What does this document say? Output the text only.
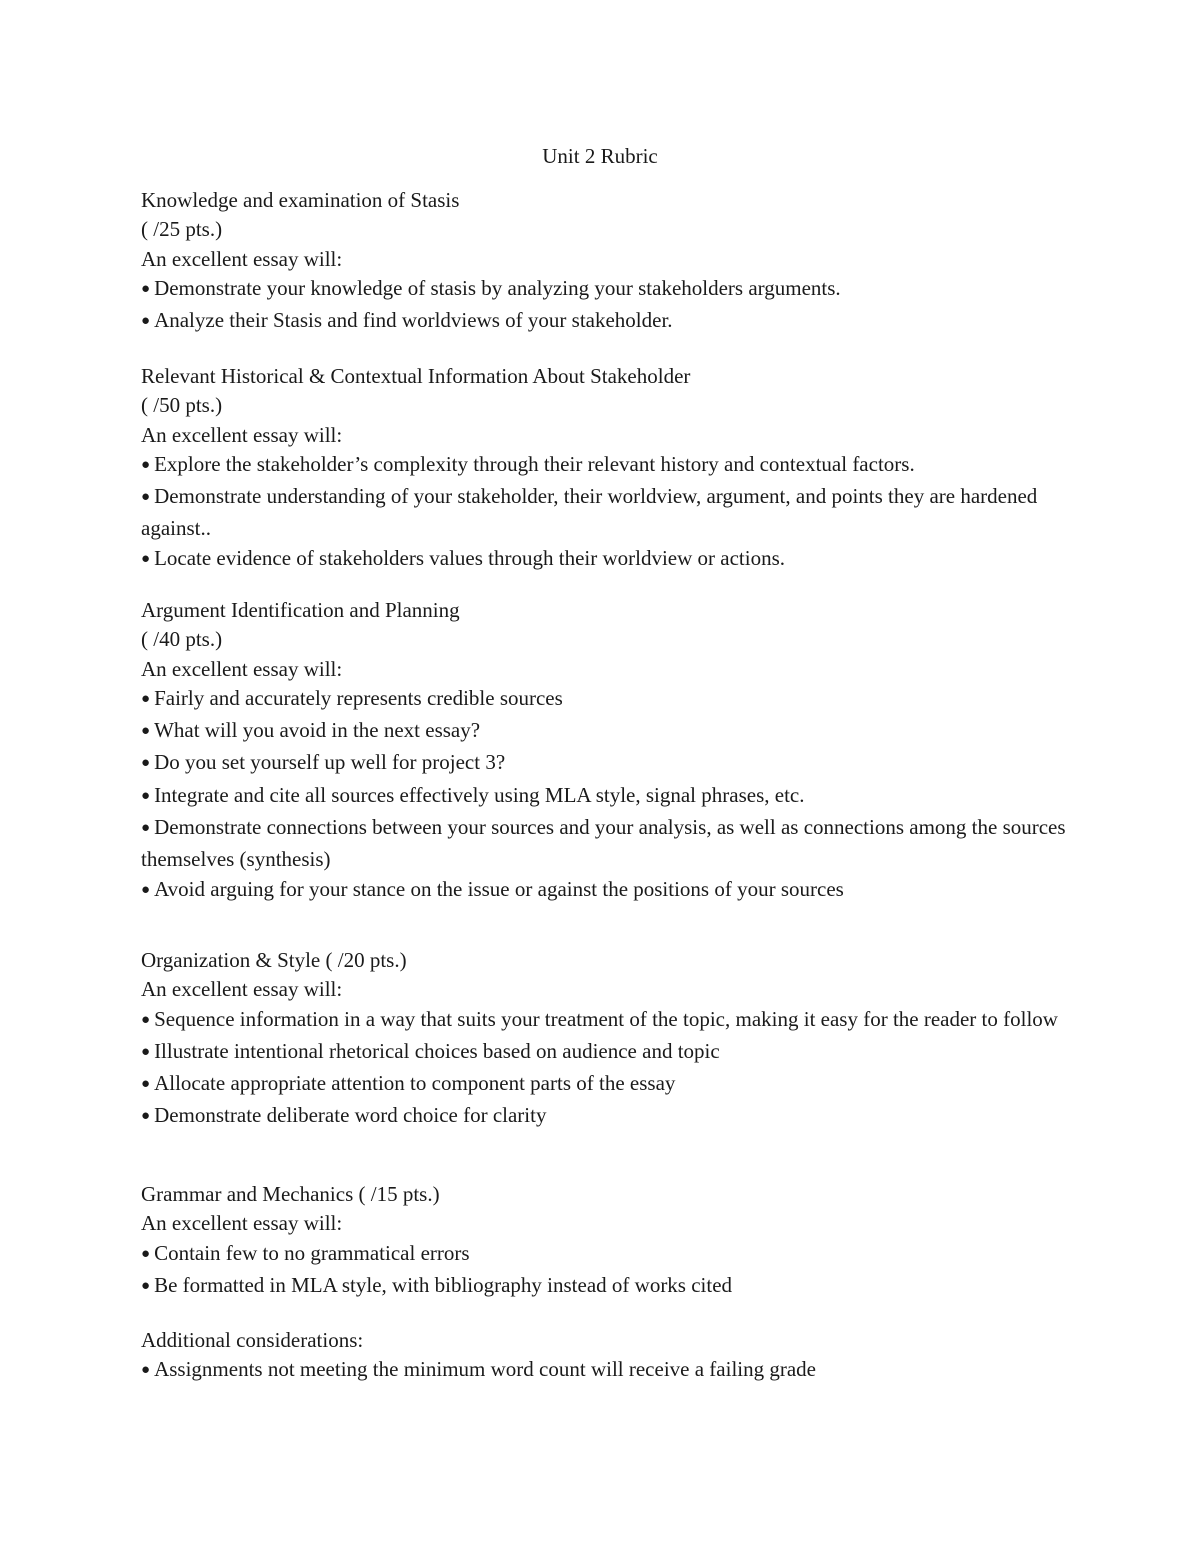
Unit 2 Rubric
Knowledge and examination of Stasis
( /25 pts.)
An excellent essay will:
● Demonstrate your knowledge of stasis by analyzing your stakeholders arguments.
● Analyze their Stasis and find worldviews of your stakeholder.
Relevant Historical & Contextual Information About Stakeholder
( /50 pts.)
An excellent essay will:
● Explore the stakeholder’s complexity through their relevant history and contextual factors.
● Demonstrate understanding of your stakeholder, their worldview, argument, and points they are hardened against..
● Locate evidence of stakeholders values through their worldview or actions.
Argument Identification and Planning
( /40 pts.)
An excellent essay will:
● Fairly and accurately represents credible sources
● What will you avoid in the next essay?
● Do you set yourself up well for project 3?
● Integrate and cite all sources effectively using MLA style, signal phrases, etc.
● Demonstrate connections between your sources and your analysis, as well as connections among the sources themselves (synthesis)
● Avoid arguing for your stance on the issue or against the positions of your sources
Organization & Style ( /20 pts.)
An excellent essay will:
● Sequence information in a way that suits your treatment of the topic, making it easy for the reader to follow
● Illustrate intentional rhetorical choices based on audience and topic
● Allocate appropriate attention to component parts of the essay
● Demonstrate deliberate word choice for clarity
Grammar and Mechanics ( /15 pts.)
An excellent essay will:
● Contain few to no grammatical errors
● Be formatted in MLA style, with bibliography instead of works cited
Additional considerations:
● Assignments not meeting the minimum word count will receive a failing grade
